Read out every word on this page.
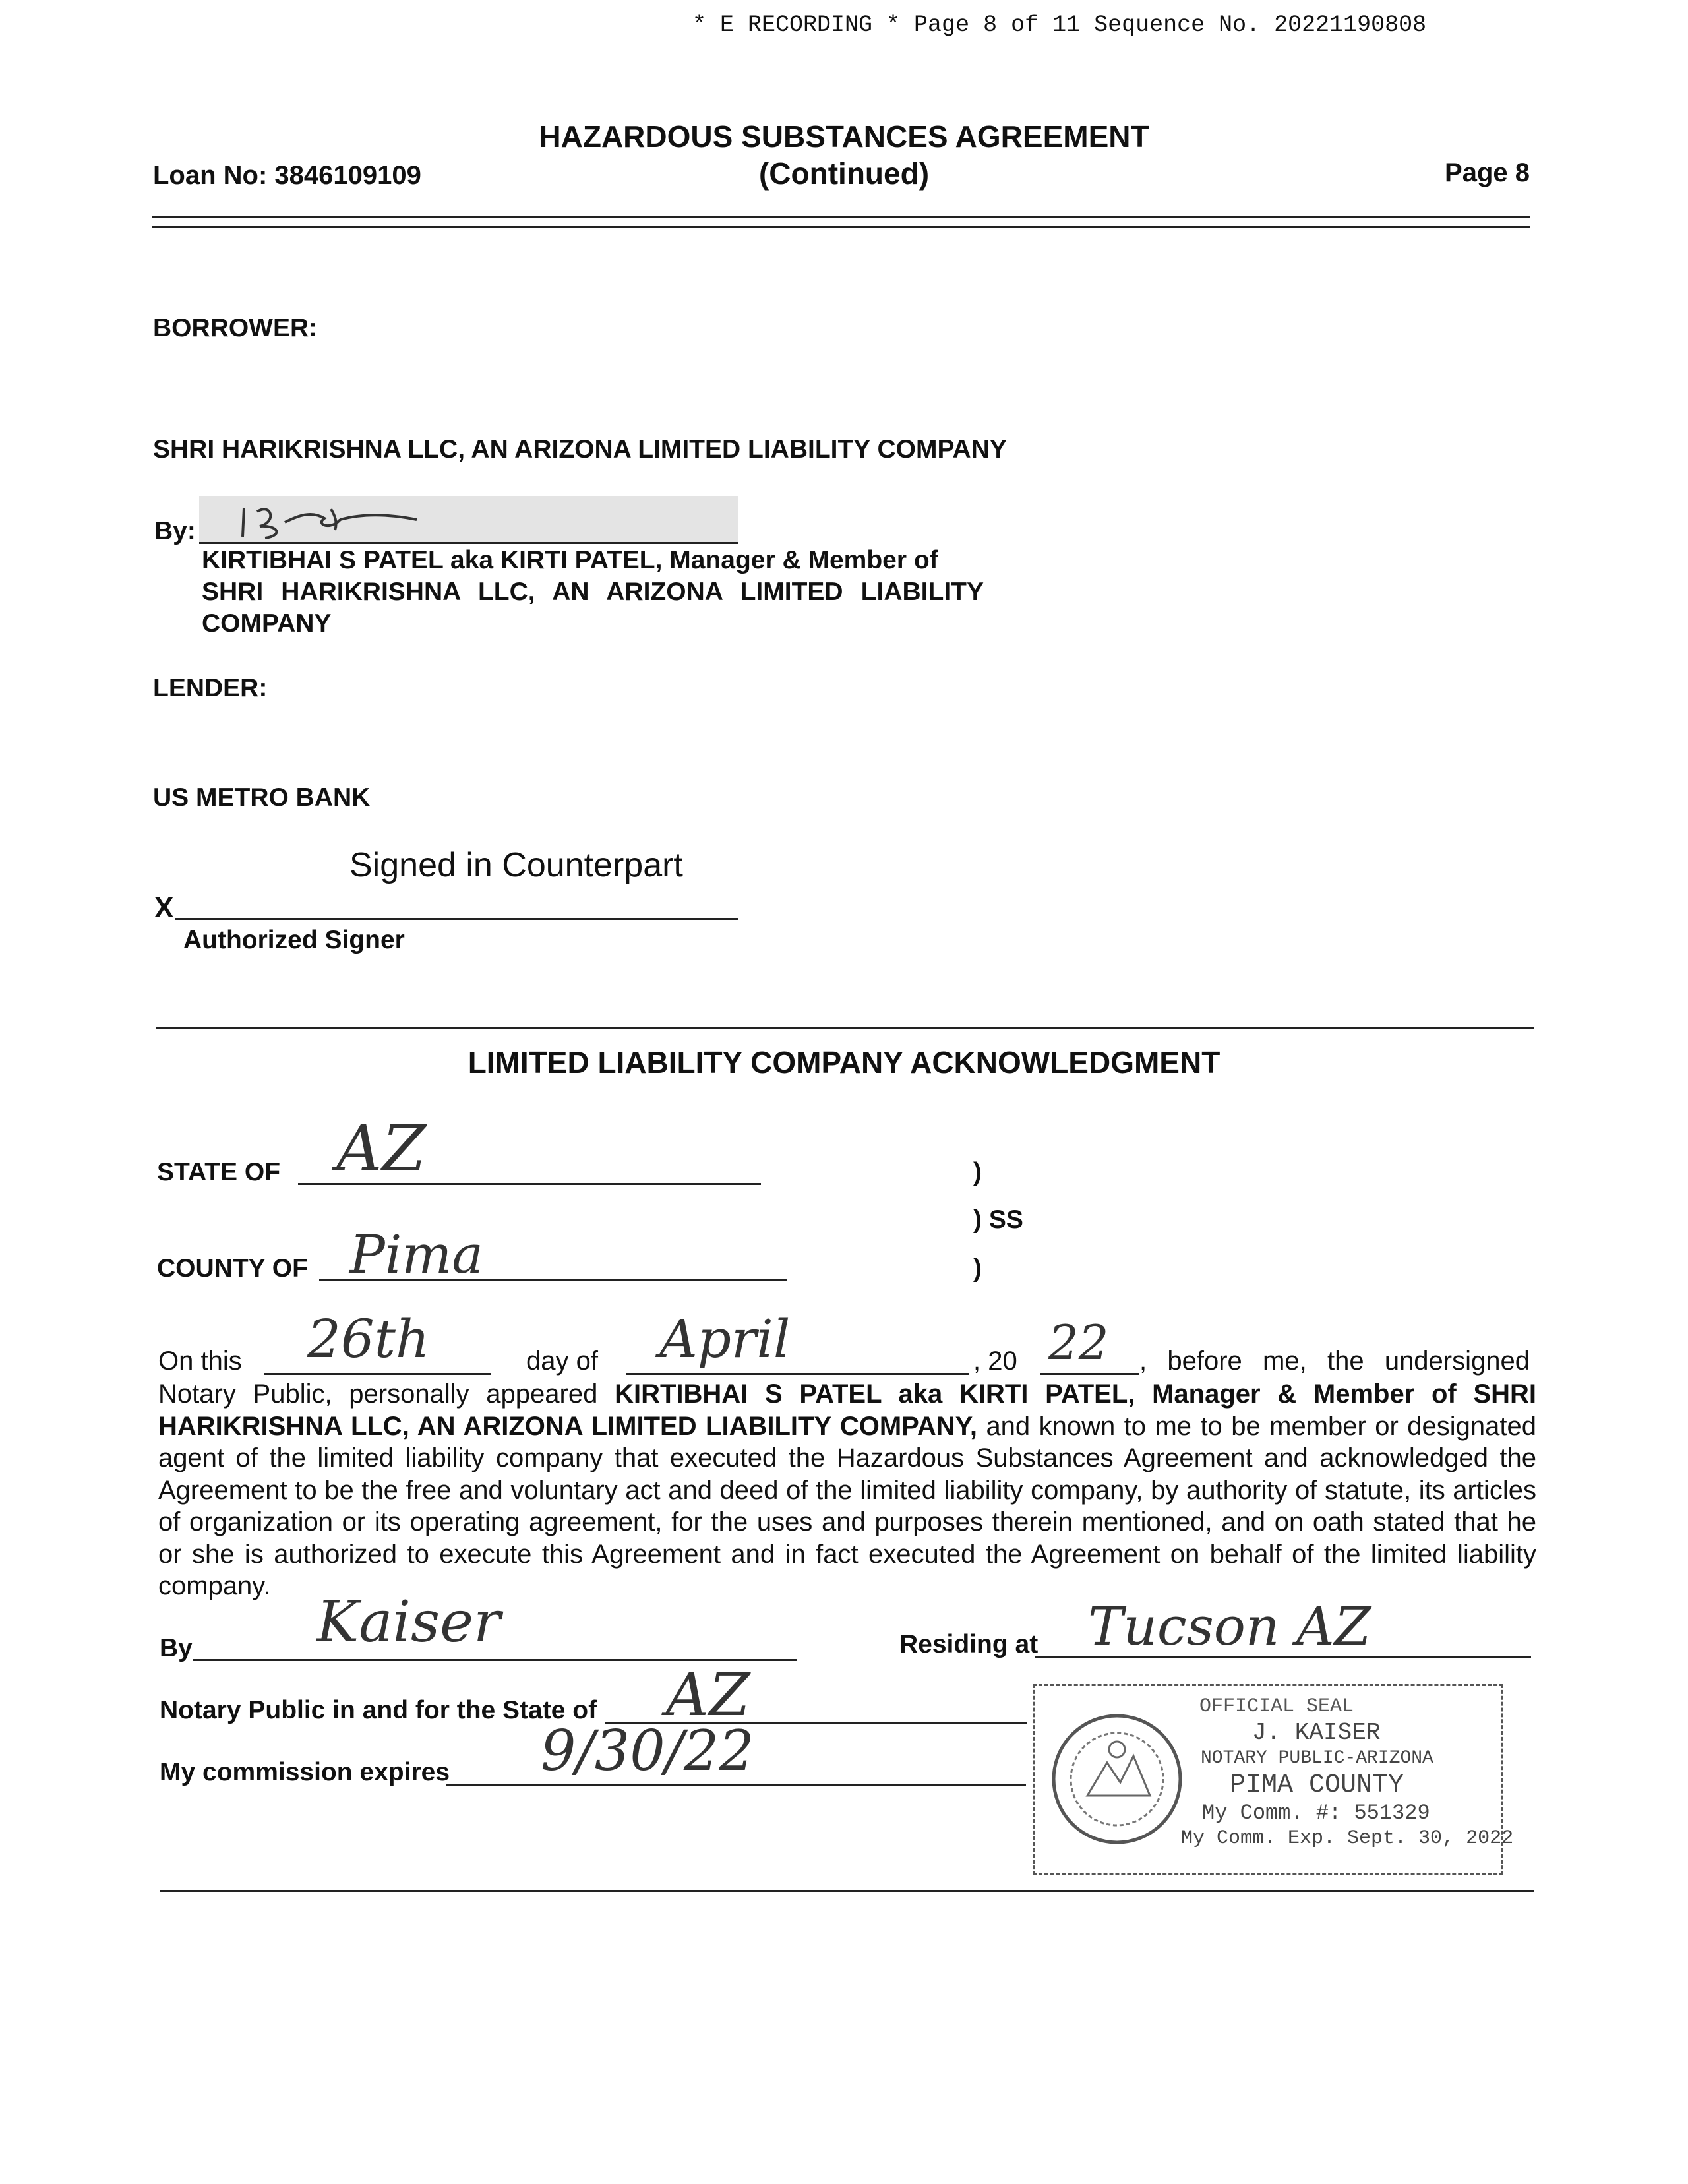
* E RECORDING * Page 8 of 11 Sequence No. 20221190808
Loan No: 3846109109
HAZARDOUS SUBSTANCES AGREEMENT
(Continued)	Page 8
BORROWER:
SHRI HARIKRISHNA LLC, AN ARIZONA LIMITED LIABILITY COMPANY
By:
KIRTIBHAI S PATEL aka KIRTI PATEL, Manager & Member of
SHRI HARIKRISHNA LLC, AN ARIZONA LIMITED LIABILITY
COMPANY
LENDER:
US METRO BANK
Signed in Counterpart
X
Authorized Signer
LIMITED LIABILITY COMPANY ACKNOWLEDGMENT
STATE OF AZ
COUNTY OF Pima
)
) SS
)
On this 26th	day of April	, 20 22 , before me, the undersigned
Notary Public, personally appeared KIRTIBHAI S PATEL aka KIRTI PATEL, Manager & Member of SHRI HARIKRISHNA LLC, AN ARIZONA LIMITED LIABILITY COMPANY, and known to me to be member or designated agent of the limited liability company that executed the Hazardous Substances Agreement and acknowledged the Agreement to be the free and voluntary act and deed of the limited liability company, by authority of statute, its articles of organization or its operating agreement, for the uses and purposes therein mentioned, and on oath stated that he or she is authorized to execute this Agreement and in fact executed the Agreement on behalf of the limited liability company.
By Kaiser	Residing at Tucson AZ
Notary Public in and for the State of AZ
My commission expires 9/30/22
OFFICIAL SEAL
J. KAISER
NOTARY PUBLIC-ARIZONA
PIMA COUNTY
My Comm. #: 551329
My Comm. Exp. Sept. 30, 2022
